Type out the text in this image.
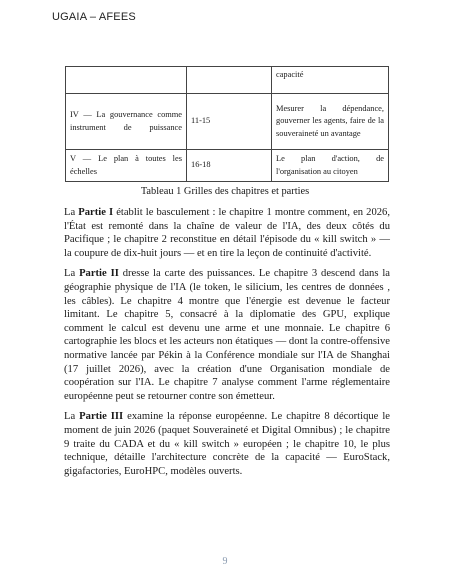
UGAIA – AFEES
		capacité
IV — La gouvernance comme instrument de puissance	11-15	Mesurer la dépendance, gouverner les agents, faire de la souveraineté un avantage
V — Le plan à toutes les échelles	16-18	Le plan d'action, de l'organisation au citoyen
Tableau 1 Grilles des chapitres et parties

La Partie I établit le basculement : le chapitre 1 montre comment, en 2026, l'État est remonté dans la chaîne de valeur de l'IA, des deux côtés du Pacifique ; le chapitre 2 reconstitue en détail l'épisode du « kill switch » — la coupure de dix-huit jours — et en tire la leçon de continuité d'activité.

La Partie II dresse la carte des puissances. Le chapitre 3 descend dans la géographie physique de l'IA (le token, le silicium, les centres de données , les câbles). Le chapitre 4 montre que l'énergie est devenue le facteur limitant. Le chapitre 5, consacré à la diplomatie des GPU, explique comment le calcul est devenu une arme et une monnaie. Le chapitre 6 cartographie les blocs et les acteurs non étatiques — dont la contre-offensive normative lancée par Pékin à la Conférence mondiale sur l'IA de Shanghai (17 juillet 2026), avec la création d'une Organisation mondiale de coopération sur l'IA. Le chapitre 7 analyse comment l'arme réglementaire européenne peut se retourner contre son émetteur.

La Partie III examine la réponse européenne. Le chapitre 8 décortique le moment de juin 2026 (paquet Souveraineté et Digital Omnibus) ; le chapitre 9 traite du CADA et du « kill switch » européen ; le chapitre 10, le plus technique, détaille l'architecture concrète de la capacité — EuroStack, gigafactories, EuroHPC, modèles ouverts.

9
